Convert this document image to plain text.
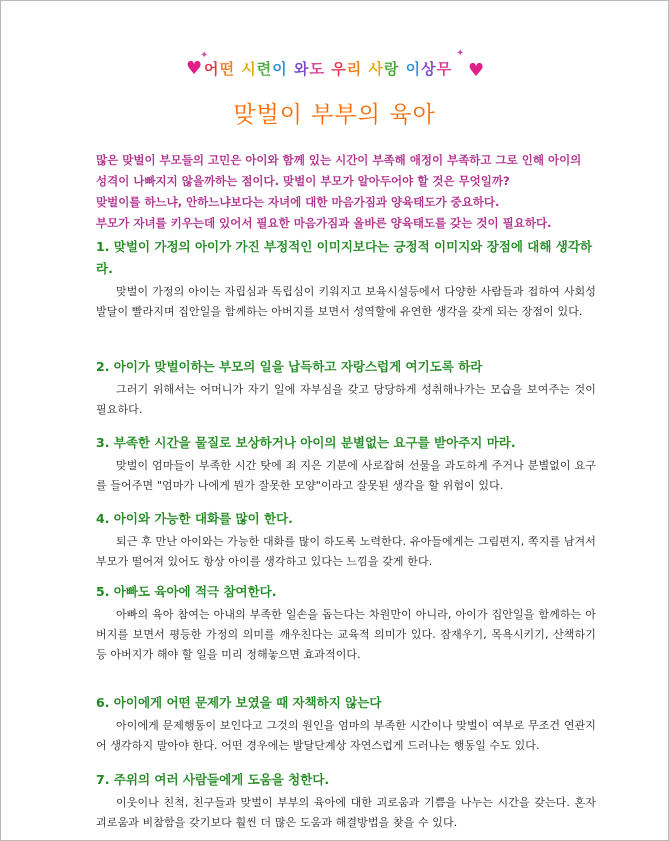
♥
✦
어떤 시련이 와도 우리 사랑 이상무
✦
♥
맞벌이 부부의 육아

많은 맞벌이 부모들의 고민은 아이와 함께 있는 시간이 부족해 애정이 부족하고 그로 인해 아이의 성격이 나빠지지 않을까하는 점이다. 맞벌이 부모가 알아두어야 할 것은 무엇일까?

맞벌이를 하느냐, 안하느냐보다는 자녀에 대한 마음가짐과 양육태도가 중요하다.

부모가 자녀를 키우는데 있어서 필요한 마음가짐과 올바른 양육태도를 갖는 것이 필요하다.

1. 맞벌이 가정의 아이가 가진 부정적인 이미지보다는 긍정적 이미지와 장점에 대해 생각하라.

맞벌이 가정의 아이는 자립심과 독립심이 키워지고 보육시설등에서 다양한 사람들과 접하여 사회성 발달이 빨라지며 집안일을 함께하는 아버지를 보면서 성역할에 유연한 생각을 갖게 되는 장점이 있다.

2. 아이가 맞벌이하는 부모의 일을 납득하고 자랑스럽게 여기도록 하라

그러기 위해서는 어머니가 자기 일에 자부심을 갖고 당당하게 성취해나가는 모습을 보여주는 것이 필요하다.

3. 부족한 시간을 물질로 보상하거나 아이의 분별없는 요구를 받아주지 마라.

맞벌이 엄마들이 부족한 시간 탓에 죄 지은 기분에 사로잡혀 선물을 과도하게 주거나 분별없이 요구를 들어주면 "엄마가 나에게 뭔가 잘못한 모양"이라고 잘못된 생각을 할 위험이 있다.

4. 아이와 가능한 대화를 많이 한다.

퇴근 후 만난 아이와는 가능한 대화를 많이 하도록 노력한다. 유아들에게는 그림편지, 쪽지를 남겨서 부모가 떨어져 있어도 항상 아이를 생각하고 있다는 느낌을 갖게 한다.

5. 아빠도 육아에 적극 참여한다.

아빠의 육아 참여는 아내의 부족한 일손을 돕는다는 차원만이 아니라, 아이가 집안일을 함께하는 아버지를 보면서 평등한 가정의 의미를 깨우친다는 교육적 의미가 있다. 잠재우기, 목욕시키기, 산책하기 등 아버지가 해야 할 일을 미리 정해놓으면 효과적이다.

6. 아이에게 어떤 문제가 보였을 때 자책하지 않는다

아이에게 문제행동이 보인다고 그것의 원인을 엄마의 부족한 시간이나 맞벌이 여부로 무조건 연관지어 생각하지 말아야 한다. 어떤 경우에는 발달단계상 자연스럽게 드러나는 행동일 수도 있다.

7. 주위의 여러 사람들에게 도움을 청한다.

이웃이나 친척, 친구들과 맞벌이 부부의 육아에 대한 괴로움과 기쁨을 나누는 시간을 갖는다. 혼자 괴로움과 비참함을 갖기보다 훨씬 더 많은 도움과 해결방법을 찾을 수 있다.
